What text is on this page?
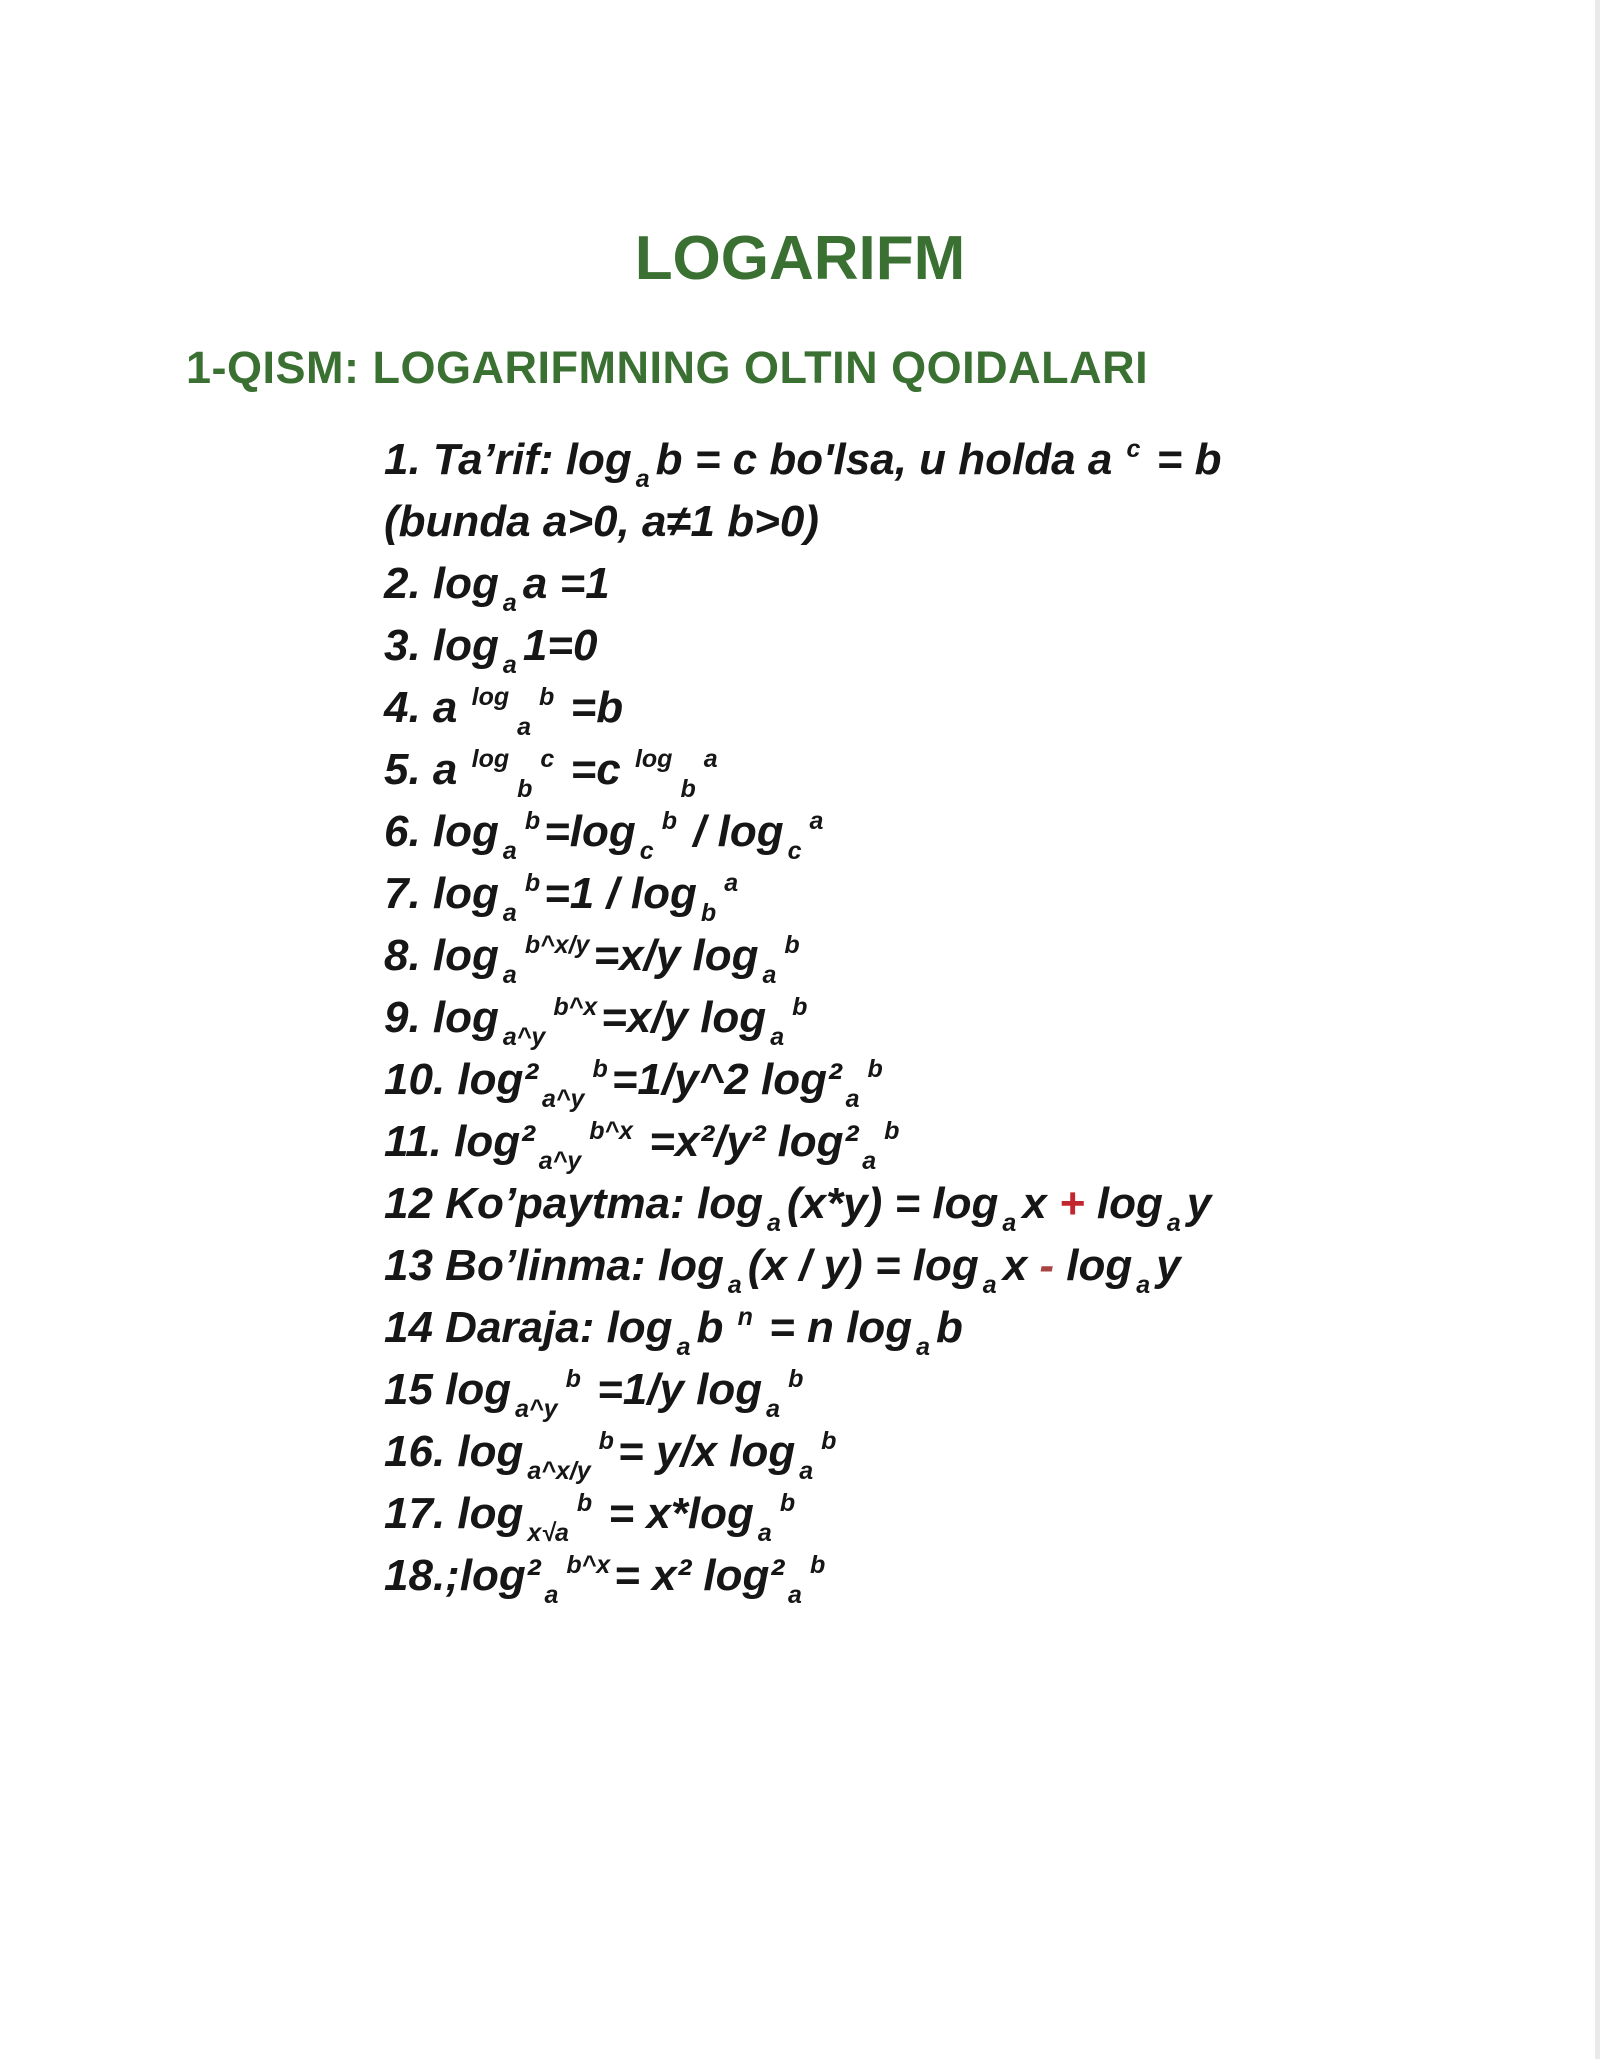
LOGARIFM
1-QISM: LOGARIFMNING OLTIN QOIDALARI
1. Ta’rif: log a b = c bo'lsa, u holda a c = b
(bunda a>0, a≠1 b>0)
2. log a a =1
3. log a 1=0
4. a logab =b
5. a logbc =c logba
6. log ab=log cb / log ca
7. log ab=1 / log ba
8. log ab^x/y=x/y log ab
9. log a^yb^x=x/y log ab
10. log² a^yb=1/y^2 log² ab
11. log² a^yb^x =x²/y² log² ab
12 Ko’paytma: log a (x*y) = log a x + log a y
13 Bo’linma: log a (x / y) = log a x - log a y
14 Daraja: log a b n = n log a b
15 log a^yb =1/y log ab
16. log a^x/yb= y/x log ab
17. log x√ab = x*log ab
18.;log² ab^x= x² log² ab
